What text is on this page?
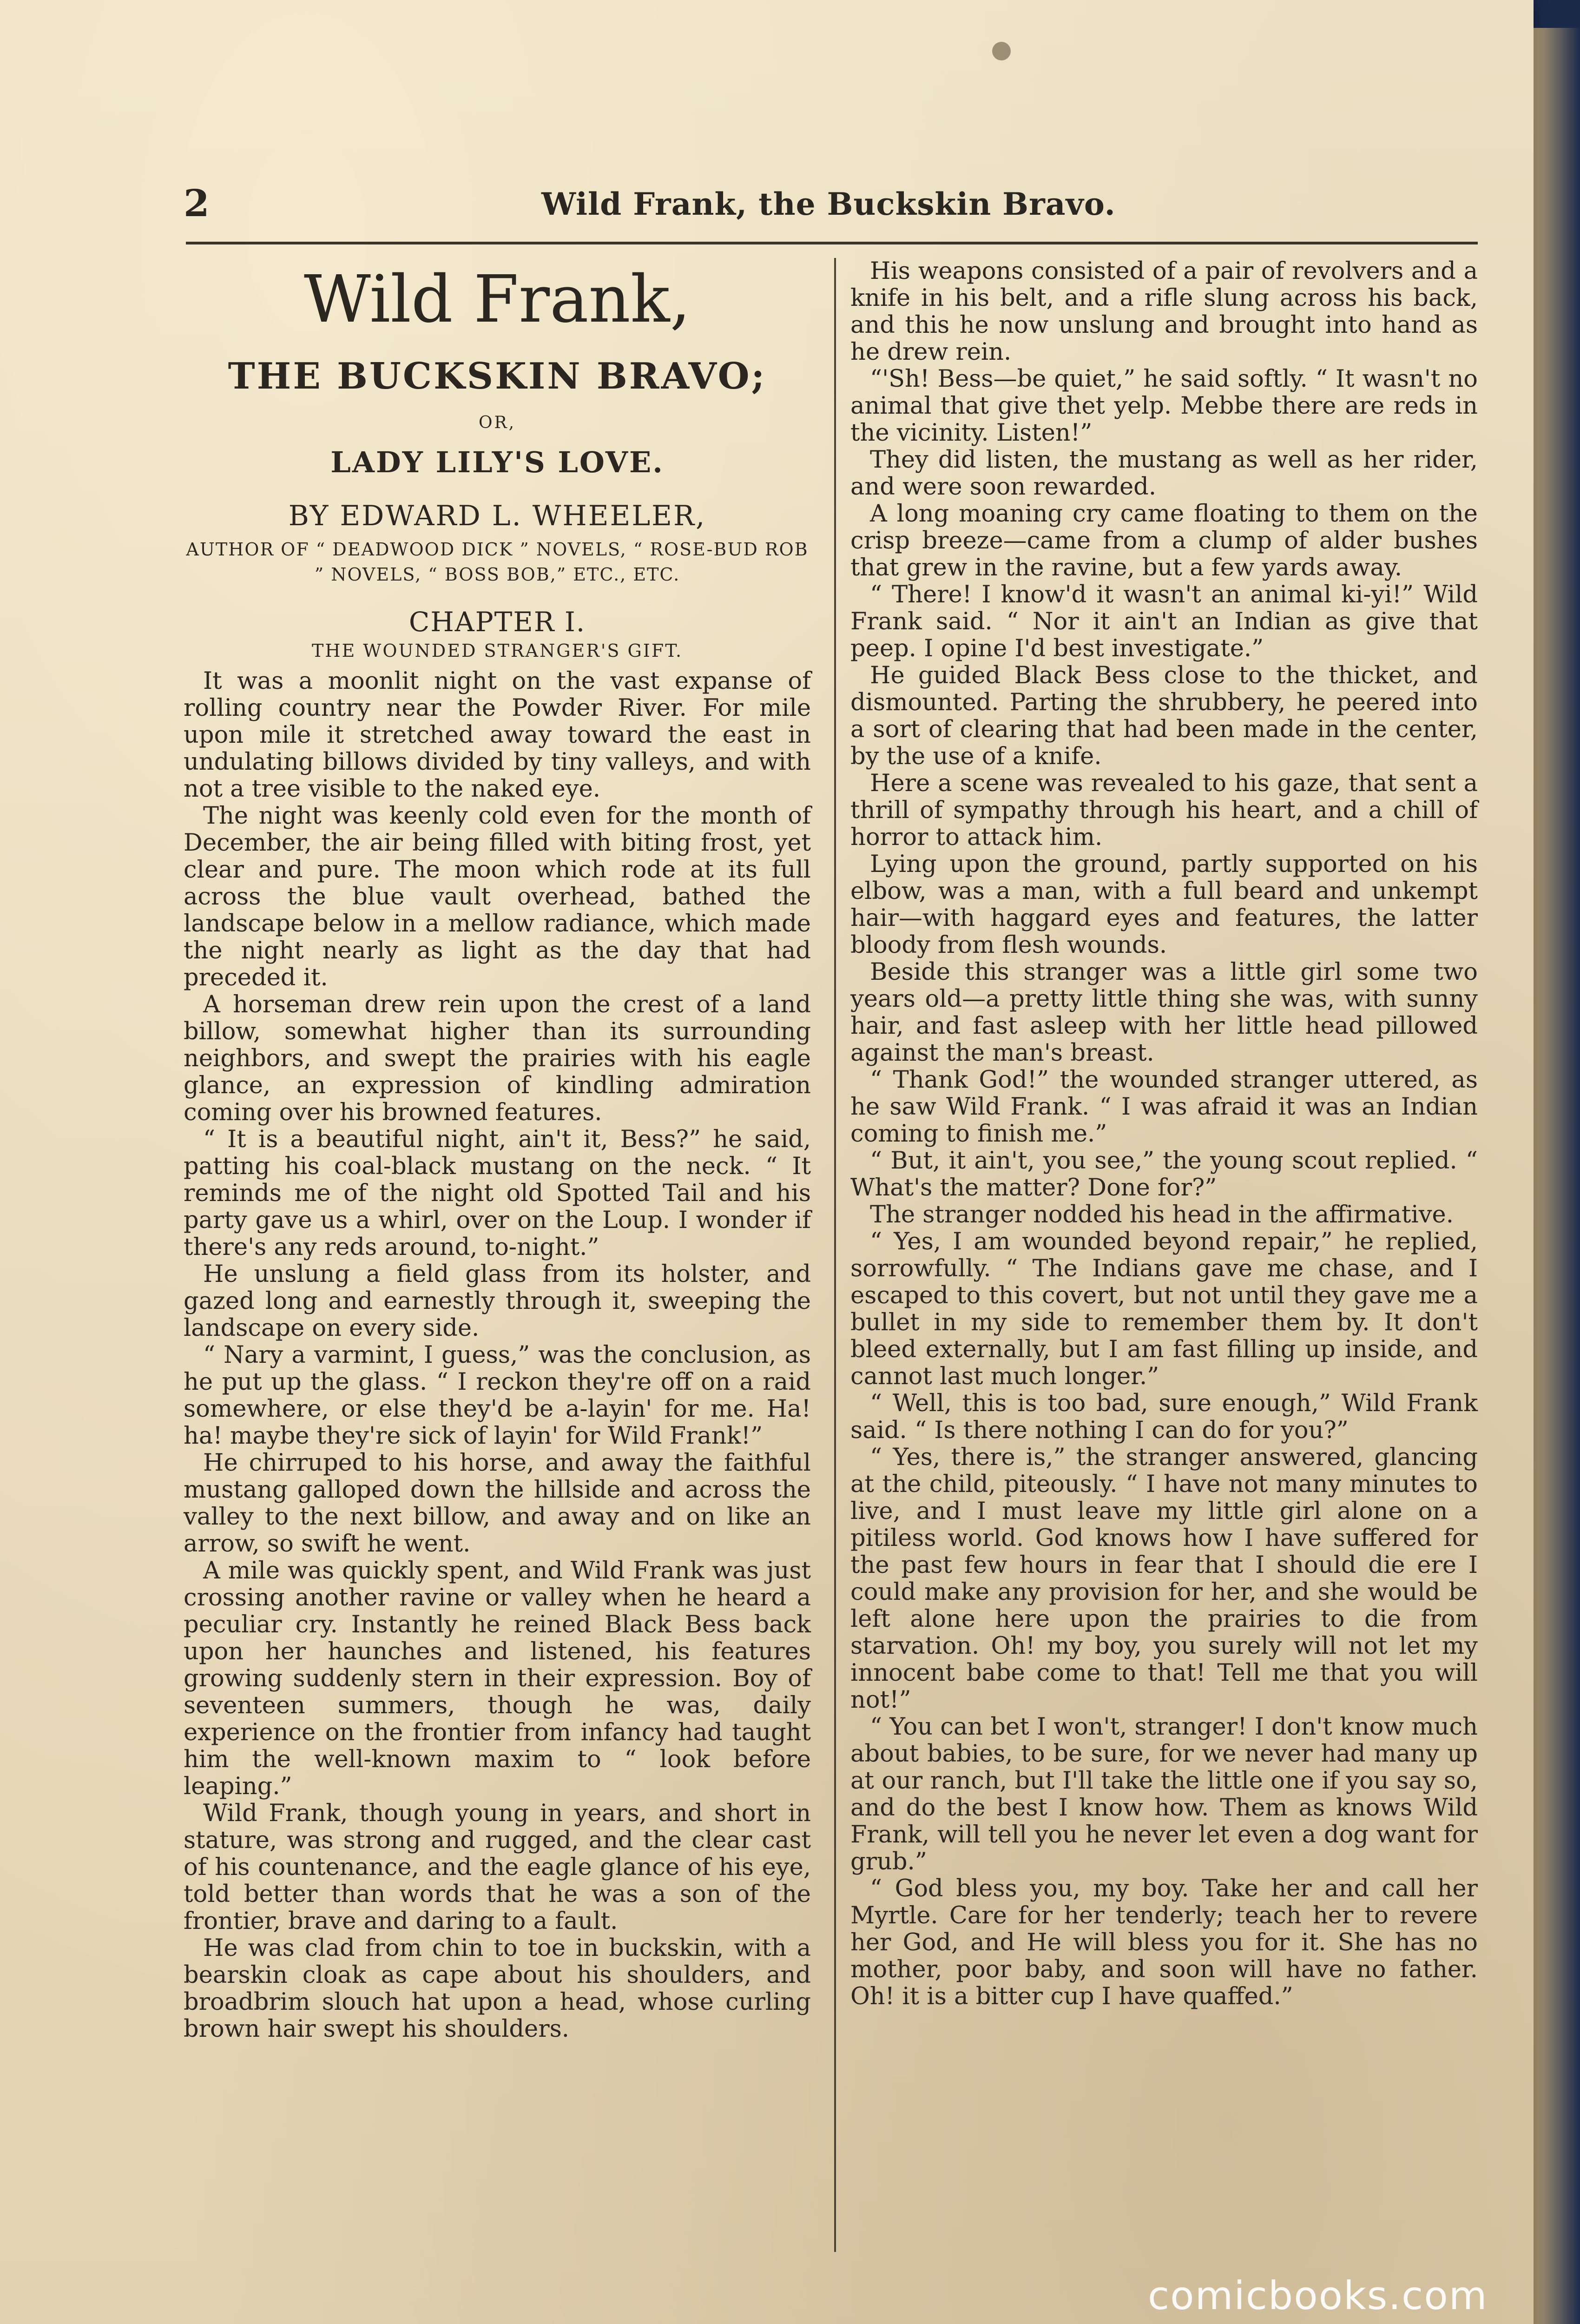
2	Wild Frank, the Buckskin Bravo.
Wild Frank,
THE BUCKSKIN BRAVO;
OR,
LADY LILY'S LOVE.
BY EDWARD L. WHEELER,
AUTHOR OF “ DEADWOOD DICK ” NOVELS, “ ROSE-BUD ROB ” NOVELS, “ BOSS BOB,” ETC., ETC.
CHAPTER I.
THE WOUNDED STRANGER'S GIFT.

It was a moonlit night on the vast expanse of rolling country near the Powder River. For mile upon mile it stretched away toward the east in undulating billows divided by tiny valleys, and with not a tree visible to the naked eye.

The night was keenly cold even for the month of December, the air being filled with biting frost, yet clear and pure. The moon which rode at its full across the blue vault overhead, bathed the landscape below in a mellow radiance, which made the night nearly as light as the day that had preceded it.

A horseman drew rein upon the crest of a land billow, somewhat higher than its surrounding neighbors, and swept the prairies with his eagle glance, an expression of kindling admiration coming over his browned features.

“ It is a beautiful night, ain't it, Bess?” he said, patting his coal-black mustang on the neck. “ It reminds me of the night old Spotted Tail and his party gave us a whirl, over on the Loup. I wonder if there's any reds around, to-night.”

He unslung a field glass from its holster, and gazed long and earnestly through it, sweeping the landscape on every side.

“ Nary a varmint, I guess,” was the conclusion, as he put up the glass. “ I reckon they're off on a raid somewhere, or else they'd be a-layin' for me. Ha! ha! maybe they're sick of layin' for Wild Frank!”

He chirruped to his horse, and away the faithful mustang galloped down the hillside and across the valley to the next billow, and away and on like an arrow, so swift he went.

A mile was quickly spent, and Wild Frank was just crossing another ravine or valley when he heard a peculiar cry. Instantly he reined Black Bess back upon her haunches and listened, his features growing suddenly stern in their expression. Boy of seventeen summers, though he was, daily experience on the frontier from infancy had taught him the well-known maxim to “ look before leaping.”

Wild Frank, though young in years, and short in stature, was strong and rugged, and the clear cast of his countenance, and the eagle glance of his eye, told better than words that he was a son of the frontier, brave and daring to a fault.

He was clad from chin to toe in buckskin, with a bearskin cloak as cape about his shoulders, and broadbrim slouch hat upon a head, whose curling brown hair swept his shoulders.

His weapons consisted of a pair of revolvers and a knife in his belt, and a rifle slung across his back, and this he now unslung and brought into hand as he drew rein.

“'Sh! Bess—be quiet,” he said softly. “ It wasn't no animal that give thet yelp. Mebbe there are reds in the vicinity. Listen!”

They did listen, the mustang as well as her rider, and were soon rewarded.

A long moaning cry came floating to them on the crisp breeze—came from a clump of alder bushes that grew in the ravine, but a few yards away.

“ There! I know'd it wasn't an animal ki-yi!” Wild Frank said. “ Nor it ain't an Indian as give that peep. I opine I'd best investigate.”

He guided Black Bess close to the thicket, and dismounted. Parting the shrubbery, he peered into a sort of clearing that had been made in the center, by the use of a knife.

Here a scene was revealed to his gaze, that sent a thrill of sympathy through his heart, and a chill of horror to attack him.

Lying upon the ground, partly supported on his elbow, was a man, with a full beard and unkempt hair—with haggard eyes and features, the latter bloody from flesh wounds.

Beside this stranger was a little girl some two years old—a pretty little thing she was, with sunny hair, and fast asleep with her little head pillowed against the man's breast.

“ Thank God!” the wounded stranger uttered, as he saw Wild Frank. “ I was afraid it was an Indian coming to finish me.”

“ But, it ain't, you see,” the young scout replied. “ What's the matter? Done for?”

The stranger nodded his head in the affirmative.

“ Yes, I am wounded beyond repair,” he replied, sorrowfully. “ The Indians gave me chase, and I escaped to this covert, but not until they gave me a bullet in my side to remember them by. It don't bleed externally, but I am fast filling up inside, and cannot last much longer.”

“ Well, this is too bad, sure enough,” Wild Frank said. “ Is there nothing I can do for you?”

“ Yes, there is,” the stranger answered, glancing at the child, piteously. “ I have not many minutes to live, and I must leave my little girl alone on a pitiless world. God knows how I have suffered for the past few hours in fear that I should die ere I could make any provision for her, and she would be left alone here upon the prairies to die from starvation. Oh! my boy, you surely will not let my innocent babe come to that! Tell me that you will not!”

“ You can bet I won't, stranger! I don't know much about babies, to be sure, for we never had many up at our ranch, but I'll take the little one if you say so, and do the best I know how. Them as knows Wild Frank, will tell you he never let even a dog want for grub.”

“ God bless you, my boy. Take her and call her Myrtle. Care for her tenderly; teach her to revere her God, and He will bless you for it. She has no mother, poor baby, and soon will have no father. Oh! it is a bitter cup I have quaffed.”

comicbooks.com
